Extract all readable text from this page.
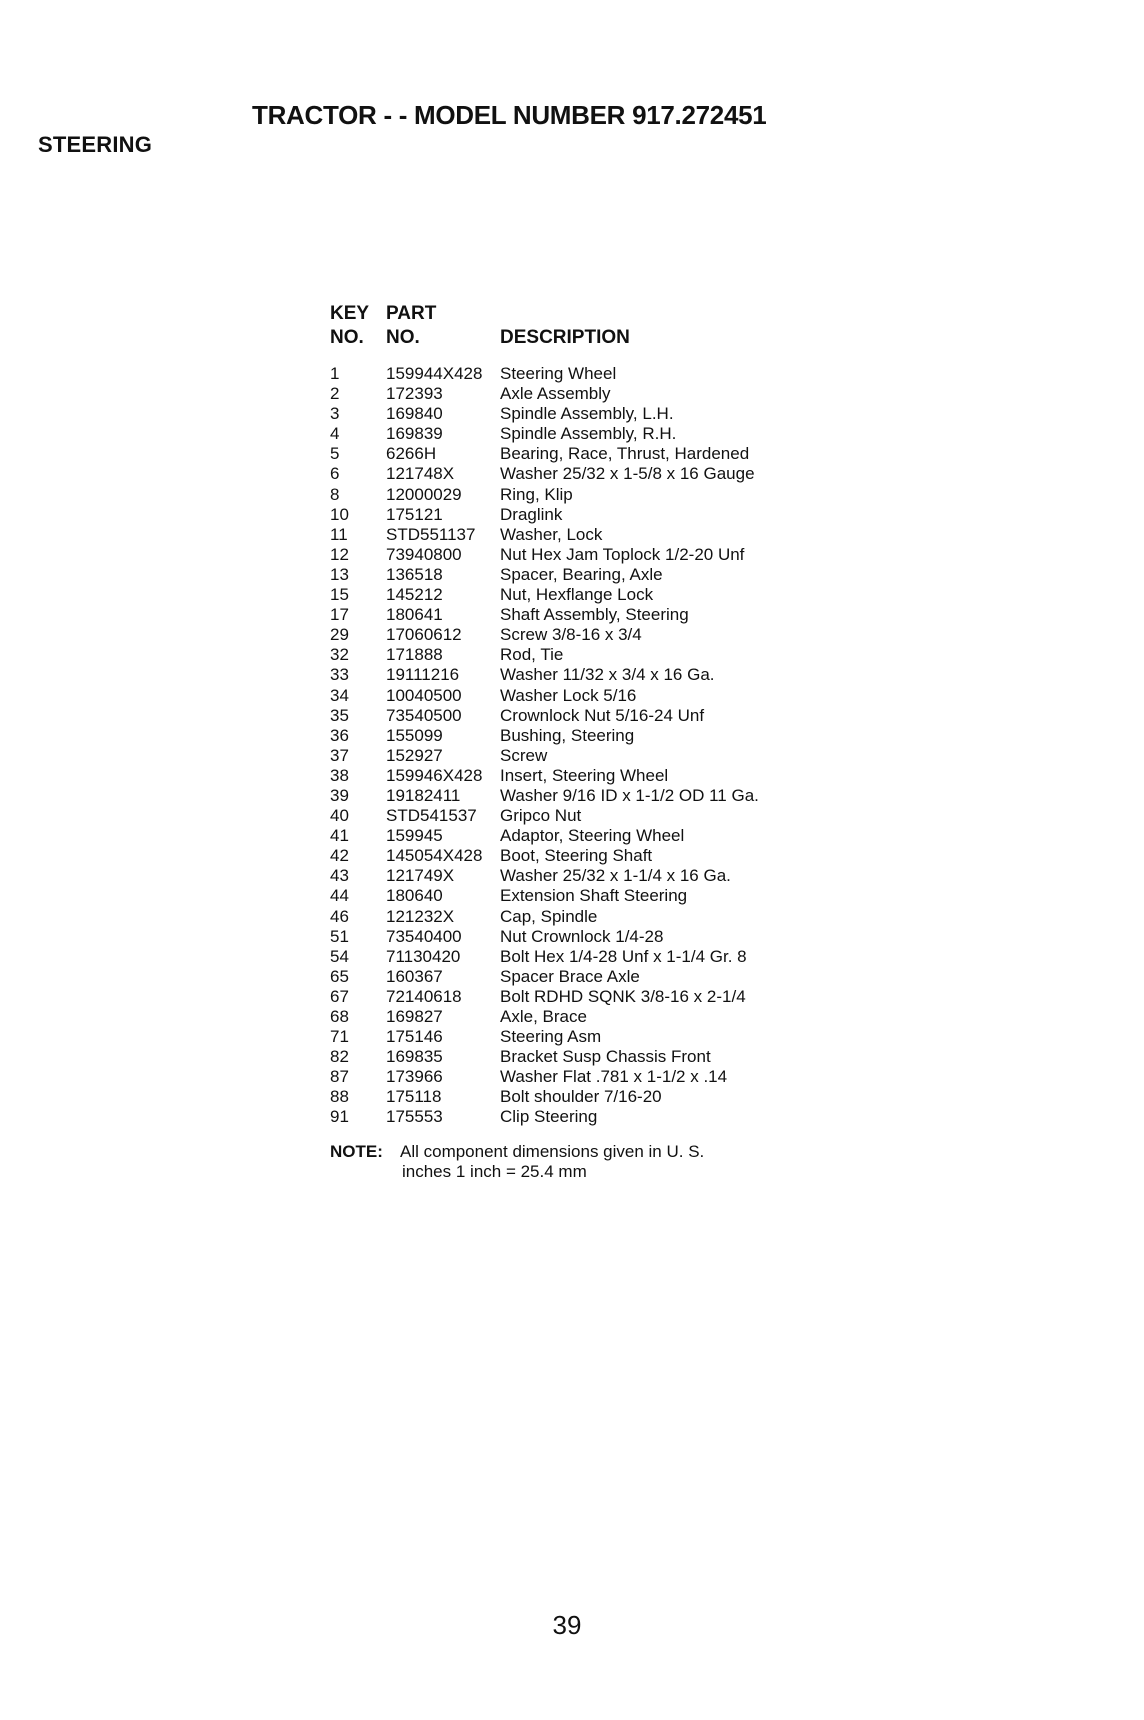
TRACTOR - - MODEL NUMBER 917.272451
STEERING
KEY PART
NO.	NO.	DESCRIPTION
1	159944X428	Steering Wheel
2	172393	Axle Assembly
3	169840	Spindle Assembly, L.H.
4	169839	Spindle Assembly, R.H.
5	6266H	Bearing, Race, Thrust, Hardened
6	121748X	Washer 25/32 x 1-5/8 x 16 Gauge
8	12000029	Ring, Klip
10	175121	Draglink
11	STD551137	Washer, Lock
12	73940800	Nut Hex Jam Toplock 1/2-20 Unf
13	136518	Spacer, Bearing, Axle
15	145212	Nut, Hexflange Lock
17	180641	Shaft Assembly, Steering
29	17060612	Screw 3/8-16 x 3/4
32	171888	Rod, Tie
33	19111216	Washer 11/32 x 3/4 x 16 Ga.
34	10040500	Washer Lock 5/16
35	73540500	Crownlock Nut 5/16-24 Unf
36	155099	Bushing, Steering
37	152927	Screw
38	159946X428	Insert, Steering Wheel
39	19182411	Washer 9/16 ID x 1-1/2 OD 11 Ga.
40	STD541537	Gripco Nut
41	159945	Adaptor, Steering Wheel
42	145054X428	Boot, Steering Shaft
43	121749X	Washer 25/32 x 1-1/4 x 16 Ga.
44	180640	Extension Shaft Steering
46	121232X	Cap, Spindle
51	73540400	Nut Crownlock 1/4-28
54	71130420	Bolt Hex 1/4-28 Unf x 1-1/4 Gr. 8
65	160367	Spacer Brace Axle
67	72140618	Bolt RDHD SQNK 3/8-16 x 2-1/4
68	169827	Axle, Brace
71	175146	Steering Asm
82	169835	Bracket Susp Chassis Front
87	173966	Washer Flat .781 x 1-1/2 x .14
88	175118	Bolt shoulder 7/16-20
91	175553	Clip Steering
NOTE: All component dimensions given in U. S.
inches 1 inch = 25.4 mm
39
